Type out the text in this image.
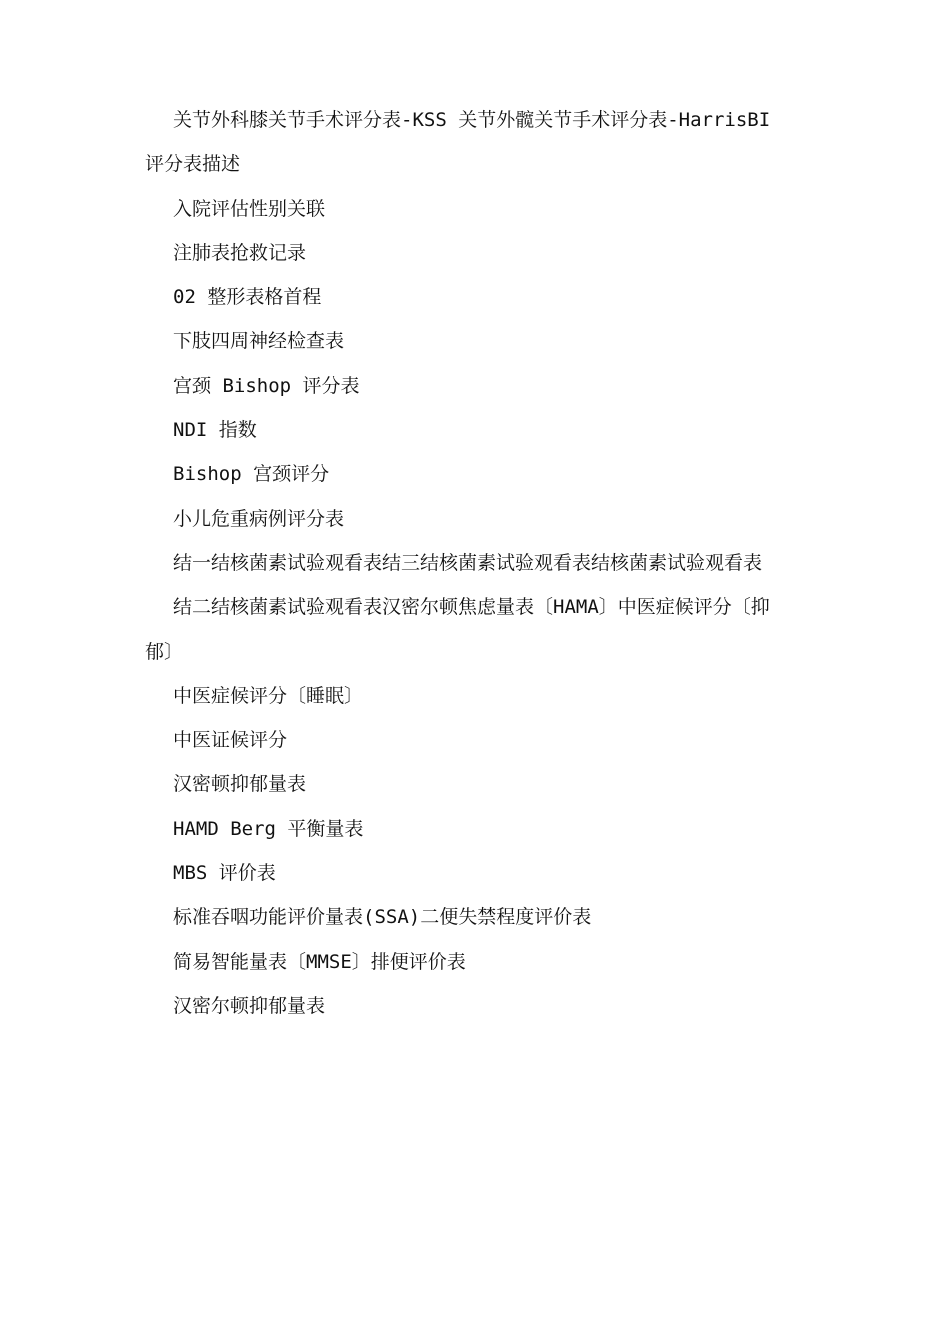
关节外科膝关节手术评分表-KSS 关节外髋关节手术评分表-HarrisBI 评分表描述

入院评估性别关联

注肺表抢救记录

02 整形表格首程

下肢四周神经检查表

宫颈 Bishop 评分表

NDI 指数

Bishop 宫颈评分

小儿危重病例评分表

结一结核菌素试验观看表结三结核菌素试验观看表结核菌素试验观看表

结二结核菌素试验观看表汉密尔顿焦虑量表〔HAMA〕中医症候评分〔抑郁〕

中医症候评分〔睡眠〕

中医证候评分

汉密顿抑郁量表

HAMD Berg 平衡量表

MBS 评价表

标准吞咽功能评价量表(SSA)二便失禁程度评价表

简易智能量表〔MMSE〕排便评价表

汉密尔顿抑郁量表
